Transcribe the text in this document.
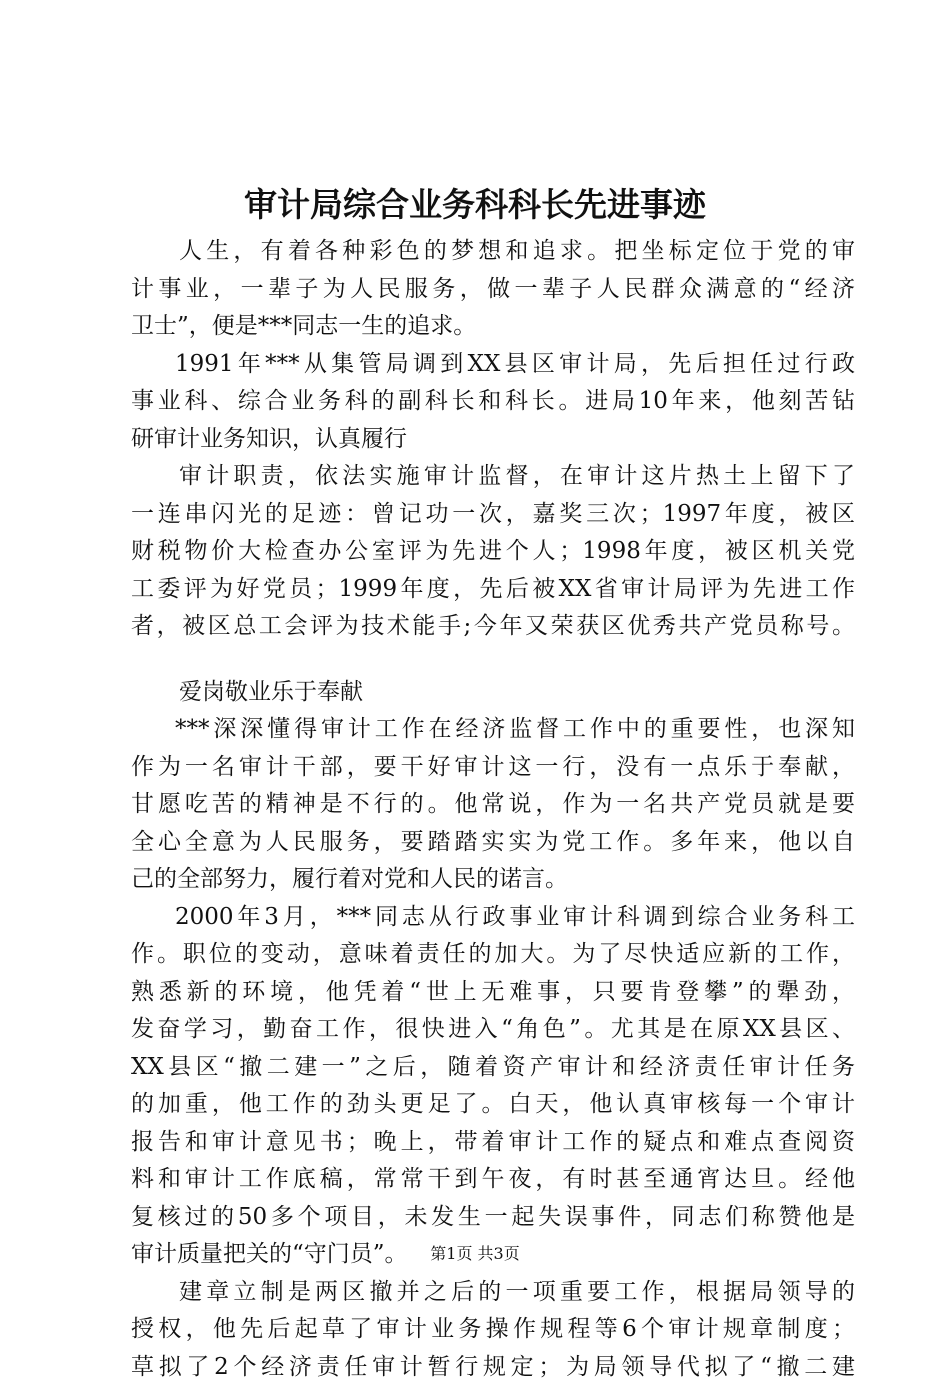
审计局综合业务科科长先进事迹
人生，有着各种彩色的梦想和追求。把坐标定位于党的审
计事业，一辈子为人民服务，做一辈子人民群众满意的“经济
卫士”，便是***同志一生的追求。
1991年***从集管局调到XX县区审计局，先后担任过行政
事业科、综合业务科的副科长和科长。进局10年来，他刻苦钻
研审计业务知识，认真履行
审计职责，依法实施审计监督，在审计这片热土上留下了
一连串闪光的足迹：曾记功一次，嘉奖三次；1997年度，被区
财税物价大检查办公室评为先进个人；1998年度，被区机关党
工委评为好党员；1999年度，先后被XX省审计局评为先进工作
者，被区总工会评为技术能手;今年又荣获区优秀共产党员称号。
爱岗敬业乐于奉献
***深深懂得审计工作在经济监督工作中的重要性，也深知
作为一名审计干部，要干好审计这一行，没有一点乐于奉献，
甘愿吃苦的精神是不行的。他常说，作为一名共产党员就是要
全心全意为人民服务，要踏踏实实为党工作。多年来，他以自
己的全部努力，履行着对党和人民的诺言。
2000年3月，***同志从行政事业审计科调到综合业务科工
作。职位的变动，意味着责任的加大。为了尽快适应新的工作，
熟悉新的环境，他凭着“世上无难事，只要肯登攀”的犟劲，
发奋学习，勤奋工作，很快进入“角色”。尤其是在原XX县区、
XX县区“撤二建一”之后，随着资产审计和经济责任审计任务
的加重，他工作的劲头更足了。白天，他认真审核每一个审计
报告和审计意见书；晚上，带着审计工作的疑点和难点查阅资
料和审计工作底稿，常常干到午夜，有时甚至通宵达旦。经他
复核过的50多个项目，未发生一起失误事件，同志们称赞他是
审计质量把关的“守门员”。
建章立制是两区撤并之后的一项重要工作，根据局领导的
授权，他先后起草了审计业务操作规程等6个审计规章制度；
草拟了2个经济责任审计暂行规定；为局领导代拟了“撤二建
第1页 共3页
